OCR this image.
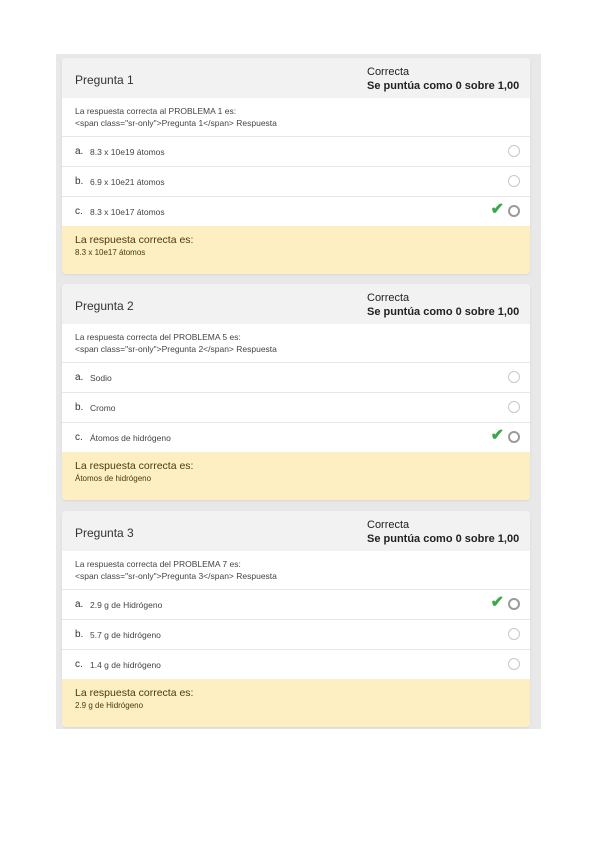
Pregunta 1
Correcta
Se puntúa como 0 sobre 1,00
La respuesta correcta al PROBLEMA 1 es:
<span class="sr-only">Pregunta 1</span> Respuesta
a. 8.3 x 10e19 átomos
b. 6.9 x 10e21 átomos
c. 8.3 x 10e17 átomos	✔
La respuesta correcta es:
8.3 x 10e17 átomos
Pregunta 2
Correcta
Se puntúa como 0 sobre 1,00
La respuesta correcta del PROBLEMA 5 es:
<span class="sr-only">Pregunta 2</span> Respuesta
a. Sodio
b. Cromo
c. Átomos de hidrógeno	✔
La respuesta correcta es:
Átomos de hidrógeno
Pregunta 3
Correcta
Se puntúa como 0 sobre 1,00
La respuesta correcta del PROBLEMA 7 es:
<span class="sr-only">Pregunta 3</span> Respuesta
a. 2.9 g de Hidrógeno	✔
b. 5.7 g de hidrógeno
c. 1.4 g de hidrógeno
La respuesta correcta es:
2.9 g de Hidrógeno
